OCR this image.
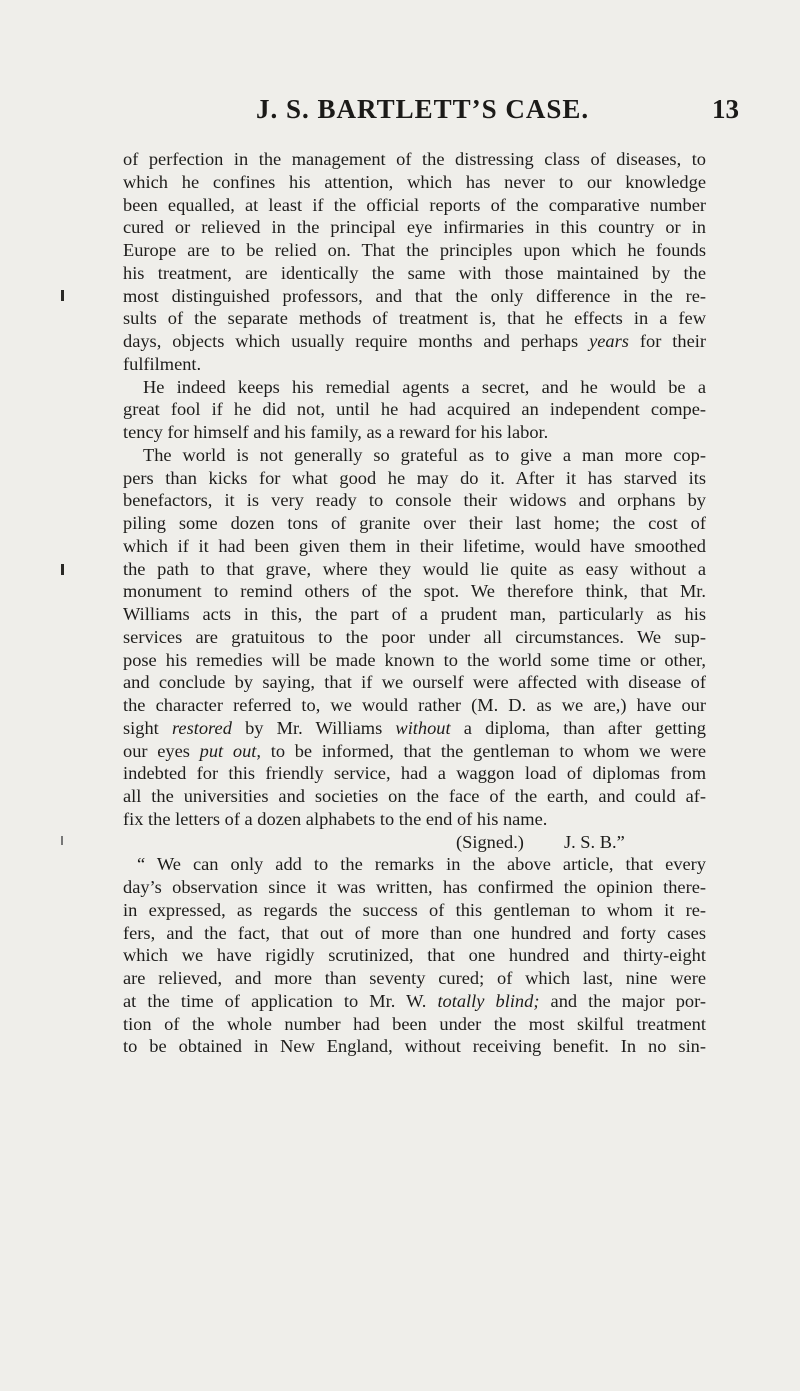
J. S. BARTLETT’S CASE.	13
of perfection in the management of the distressing class of diseases, to
which he confines his attention, which has never to our knowledge
been equalled, at least if the official reports of the comparative number
cured or relieved in the principal eye infirmaries in this country or in
Europe are to be relied on. That the principles upon which he founds
his treatment, are identically the same with those maintained by the
most distinguished professors, and that the only difference in the re-
sults of the separate methods of treatment is, that he effects in a few
days, objects which usually require months and perhaps years for their
fulfilment.
He indeed keeps his remedial agents a secret, and he would be a
great fool if he did not, until he had acquired an independent compe-
tency for himself and his family, as a reward for his labor.
The world is not generally so grateful as to give a man more cop-
pers than kicks for what good he may do it. After it has starved its
benefactors, it is very ready to console their widows and orphans by
piling some dozen tons of granite over their last home; the cost of
which if it had been given them in their lifetime, would have smoothed
the path to that grave, where they would lie quite as easy without a
monument to remind others of the spot. We therefore think, that Mr.
Williams acts in this, the part of a prudent man, particularly as his
services are gratuitous to the poor under all circumstances. We sup-
pose his remedies will be made known to the world some time or other,
and conclude by saying, that if we ourself were affected with disease of
the character referred to, we would rather (M. D. as we are,) have our
sight restored by Mr. Williams without a diploma, than after getting
our eyes put out, to be informed, that the gentleman to whom we were
indebted for this friendly service, had a waggon load of diplomas from
all the universities and societies on the face of the earth, and could af-
fix the letters of a dozen alphabets to the end of his name.
(Signed.) J. S. B.”
“ We can only add to the remarks in the above article, that every
day’s observation since it was written, has confirmed the opinion there-
in expressed, as regards the success of this gentleman to whom it re-
fers, and the fact, that out of more than one hundred and forty cases
which we have rigidly scrutinized, that one hundred and thirty-eight
are relieved, and more than seventy cured; of which last, nine were
at the time of application to Mr. W. totally blind; and the major por-
tion of the whole number had been under the most skilful treatment
to be obtained in New England, without receiving benefit. In no sin-
